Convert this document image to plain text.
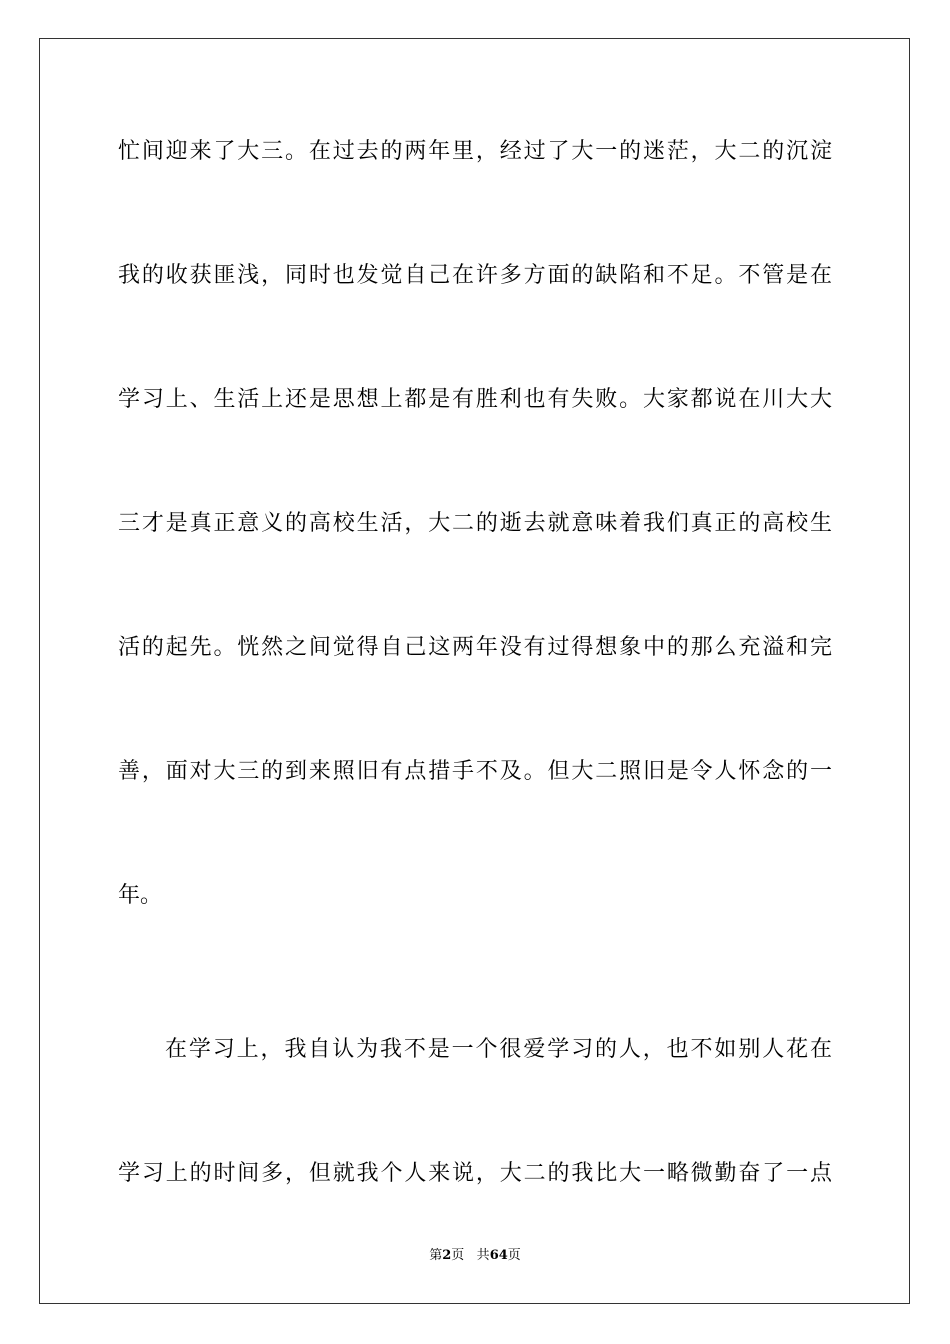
忙间迎来了大三。在过去的两年里，经过了大一的迷茫，大二的沉淀
我的收获匪浅，同时也发觉自己在许多方面的缺陷和不足。不管是在
学习上、生活上还是思想上都是有胜利也有失败。大家都说在川大大
三才是真正意义的高校生活，大二的逝去就意味着我们真正的高校生
活的起先。恍然之间觉得自己这两年没有过得想象中的那么充溢和完
善，面对大三的到来照旧有点措手不及。但大二照旧是令人怀念的一
年。
在学习上，我自认为我不是一个很爱学习的人，也不如别人花在
学习上的时间多，但就我个人来说，大二的我比大一略微勤奋了一点
第2页 共64页
